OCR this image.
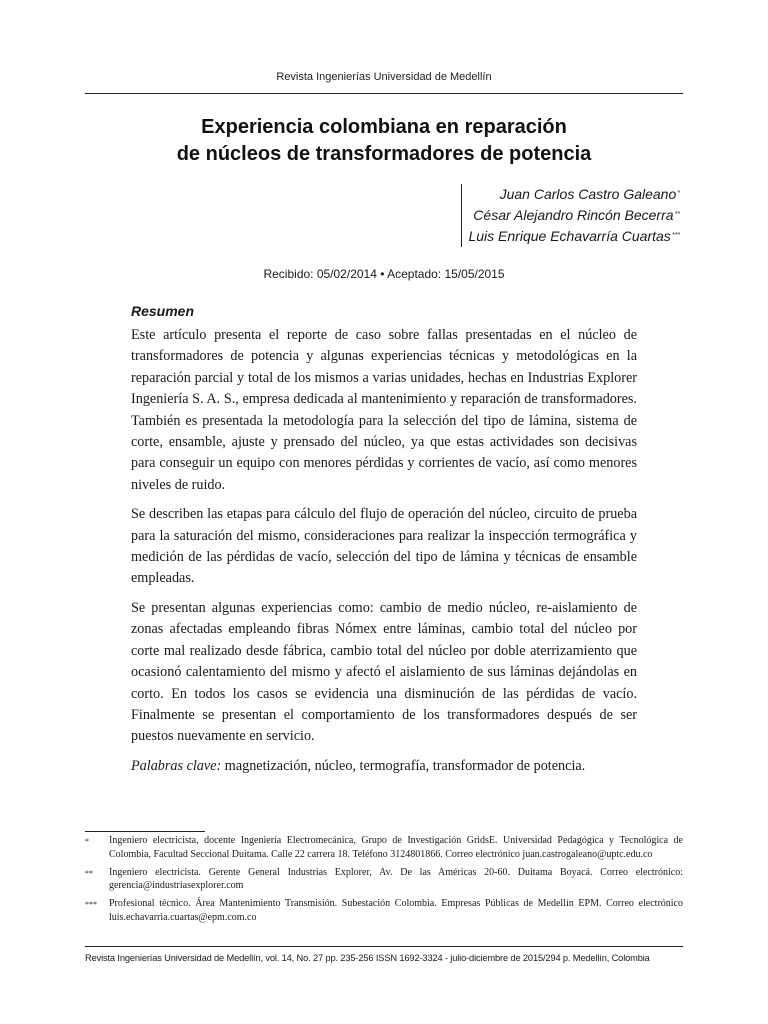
Revista Ingenierías Universidad de Medellín
Experiencia colombiana en reparación
de núcleos de transformadores de potencia
Juan Carlos Castro Galeano*
César Alejandro Rincón Becerra**
Luis Enrique Echavarría Cuartas***
Recibido: 05/02/2014 • Aceptado: 15/05/2015
Resumen

Este artículo presenta el reporte de caso sobre fallas presentadas en el núcleo de transformadores de potencia y algunas experiencias técnicas y metodológicas en la reparación parcial y total de los mismos a varias unidades, hechas en Industrias Explorer Ingeniería S. A. S., empresa dedicada al mantenimiento y reparación de transformadores. También es presentada la metodología para la selección del tipo de lámina, sistema de corte, ensamble, ajuste y prensado del núcleo, ya que estas actividades son decisivas para conseguir un equipo con menores pérdidas y corrientes de vacío, así como menores niveles de ruido.

Se describen las etapas para cálculo del flujo de operación del núcleo, circuito de prueba para la saturación del mismo, consideraciones para realizar la inspección termográfica y medición de las pérdidas de vacío, selección del tipo de lámina y técnicas de ensamble empleadas.

Se presentan algunas experiencias como: cambio de medio núcleo, re-aislamiento de zonas afectadas empleando fibras Nómex entre láminas, cambio total del núcleo por corte mal realizado desde fábrica, cambio total del núcleo por doble aterrizamiento que ocasionó calentamiento del mismo y afectó el aislamiento de sus láminas dejándolas en corto. En todos los casos se evidencia una disminución de las pérdidas de vacío. Finalmente se presentan el comportamiento de los transformadores después de ser puestos nuevamente en servicio.

Palabras clave: magnetización, núcleo, termografía, transformador de potencia.

*	Ingeniero electricista, docente Ingeniería Electromecánica, Grupo de Investigación GridsE. Universidad Pedagógica y Tecnológica de Colombia, Facultad Seccional Duitama. Calle 22 carrera 18. Teléfono 3124801866. Correo electrónico juan.castrogaleano@uptc.edu.co
**	Ingeniero electricista. Gerente General Industrias Explorer, Av. De las Américas 20-60. Duitama Boyacá. Correo electrónico: gerencia@industriasexplorer.com
***	Profesional técnico. Área Mantenimiento Transmisión. Subestación Colombia. Empresas Públicas de Medellín EPM. Correo electrónico luis.echavarria.cuartas@epm.com.co
Revista Ingenierías Universidad de Medellín, vol. 14, No. 27 pp. 235-256 ISSN 1692-3324 - julio-diciembre de 2015/294 p. Medellín, Colombia
